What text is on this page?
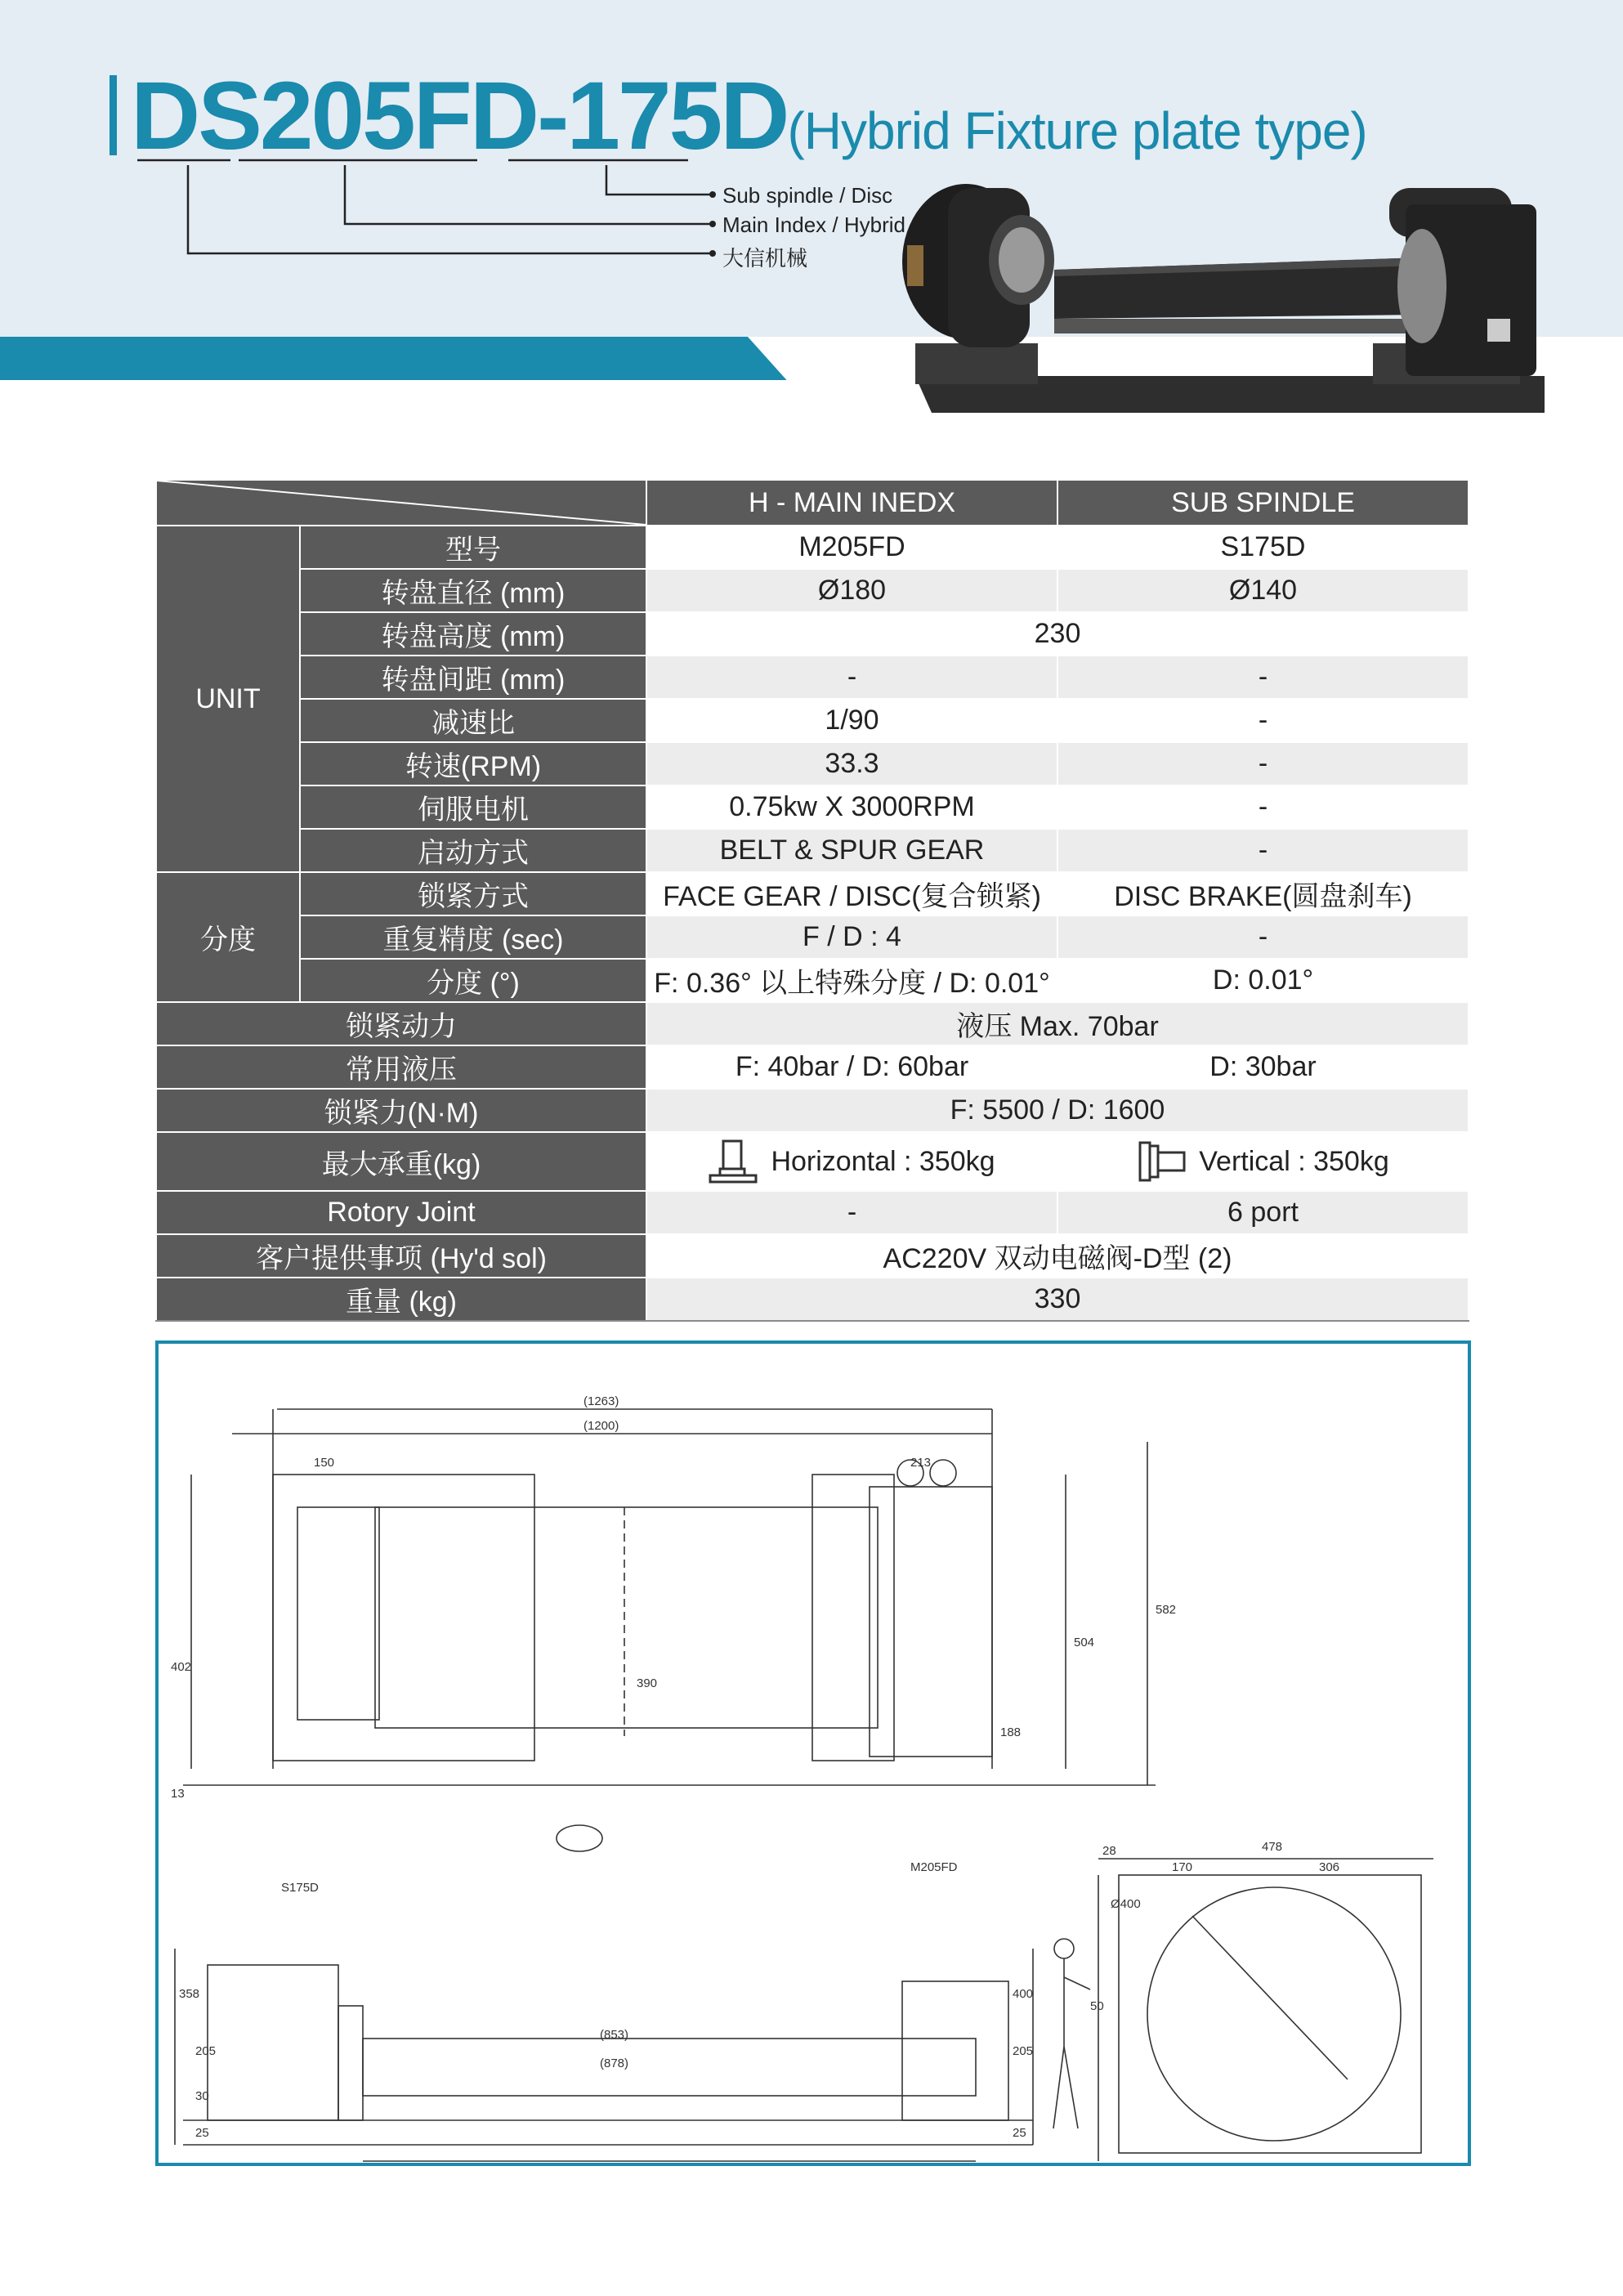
DS205FD-175D(Hybrid Fixture plate type)
Sub spindle / Disc
Main Index / Hybrid
大信机械
	H - MAIN INEDX	SUB SPINDLE
UNIT	型号	M205FD	S175D
	转盘直径 (mm)	Ø180	Ø140
	转盘高度 (mm)	230	
	转盘间距 (mm)	-	-
	减速比	1/90	-
	转速(RPM)	33.3	-
	伺服电机	0.75kw X 3000RPM	-
	启动方式	BELT & SPUR GEAR	-
分度	锁紧方式	FACE GEAR / DISC(复合锁紧)	DISC BRAKE(圆盘刹车)
	重复精度 (sec)	F / D : 4	-
	分度 (°)	F: 0.36° 以上特殊分度 / D: 0.01°	D: 0.01°
锁紧动力		液压 Max. 70bar	
常用液压		F: 40bar / D: 60bar	D: 30bar
锁紧力(N·M)		F: 5500 / D: 1600	
最大承重(kg)		Horizontal : 350kg	Vertical : 350kg

Rotory Joint		-	6 port
客户提供事项 (Hy'd sol)		AC220V 双动电磁阀-D型 (2)	
重量 (kg)		330	
(1263)
(1200)
150	213
402
13
390
504
582
188
S175D
M205FD
358
205
30
25
(853)
(878)
400
205
25
28	478
170	306
Ø400
50
